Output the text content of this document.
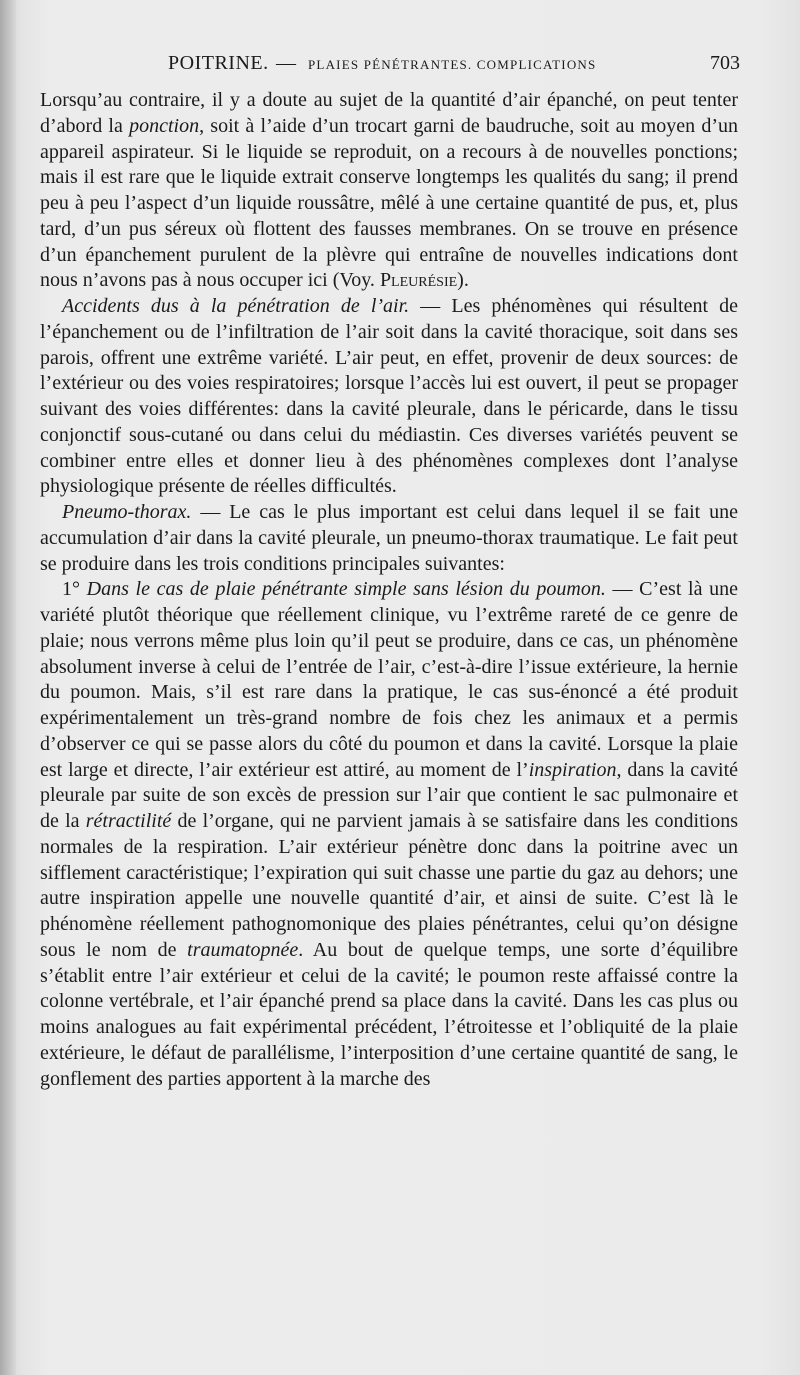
POITRINE. — PLAIES PÉNÉTRANTES. COMPLICATIONS	703

Lorsqu’au contraire, il y a doute au sujet de la quantité d’air épanché, on peut tenter d’abord la ponction, soit à l’aide d’un trocart garni de baudruche, soit au moyen d’un appareil aspirateur. Si le liquide se reproduit, on a recours à de nouvelles ponctions; mais il est rare que le liquide extrait conserve longtemps les qualités du sang; il prend peu à peu l’aspect d’un liquide roussâtre, mêlé à une certaine quantité de pus, et, plus tard, d’un pus séreux où flottent des fausses membranes. On se trouve en présence d’un épanchement purulent de la plèvre qui entraîne de nouvelles indications dont nous n’avons pas à nous occuper ici (Voy. Pleurésie).

Accidents dus à la pénétration de l’air. — Les phénomènes qui résultent de l’épanchement ou de l’infiltration de l’air soit dans la cavité thoracique, soit dans ses parois, offrent une extrême variété. L’air peut, en effet, provenir de deux sources: de l’extérieur ou des voies respiratoires; lorsque l’accès lui est ouvert, il peut se propager suivant des voies différentes: dans la cavité pleurale, dans le péricarde, dans le tissu conjonctif sous-cutané ou dans celui du médiastin. Ces diverses variétés peuvent se combiner entre elles et donner lieu à des phénomènes complexes dont l’analyse physiologique présente de réelles difficultés.

Pneumo-thorax. — Le cas le plus important est celui dans lequel il se fait une accumulation d’air dans la cavité pleurale, un pneumo-thorax traumatique. Le fait peut se produire dans les trois conditions principales suivantes:

1° Dans le cas de plaie pénétrante simple sans lésion du poumon. — C’est là une variété plutôt théorique que réellement clinique, vu l’extrême rareté de ce genre de plaie; nous verrons même plus loin qu’il peut se produire, dans ce cas, un phénomène absolument inverse à celui de l’entrée de l’air, c’est-à-dire l’issue extérieure, la hernie du poumon. Mais, s’il est rare dans la pratique, le cas sus-énoncé a été produit expérimentalement un très-grand nombre de fois chez les animaux et a permis d’observer ce qui se passe alors du côté du poumon et dans la cavité. Lorsque la plaie est large et directe, l’air extérieur est attiré, au moment de l’inspiration, dans la cavité pleurale par suite de son excès de pression sur l’air que contient le sac pulmonaire et de la rétractilité de l’organe, qui ne parvient jamais à se satisfaire dans les conditions normales de la respiration. L’air extérieur pénètre donc dans la poitrine avec un sifflement caractéristique; l’expiration qui suit chasse une partie du gaz au dehors; une autre inspiration appelle une nouvelle quantité d’air, et ainsi de suite. C’est là le phénomène réellement pathognomonique des plaies pénétrantes, celui qu’on désigne sous le nom de traumatopnée. Au bout de quelque temps, une sorte d’équilibre s’établit entre l’air extérieur et celui de la cavité; le poumon reste affaissé contre la colonne vertébrale, et l’air épanché prend sa place dans la cavité. Dans les cas plus ou moins analogues au fait expérimental précédent, l’étroitesse et l’obliquité de la plaie extérieure, le défaut de parallélisme, l’interposition d’une certaine quantité de sang, le gonflement des parties apportent à la marche des
